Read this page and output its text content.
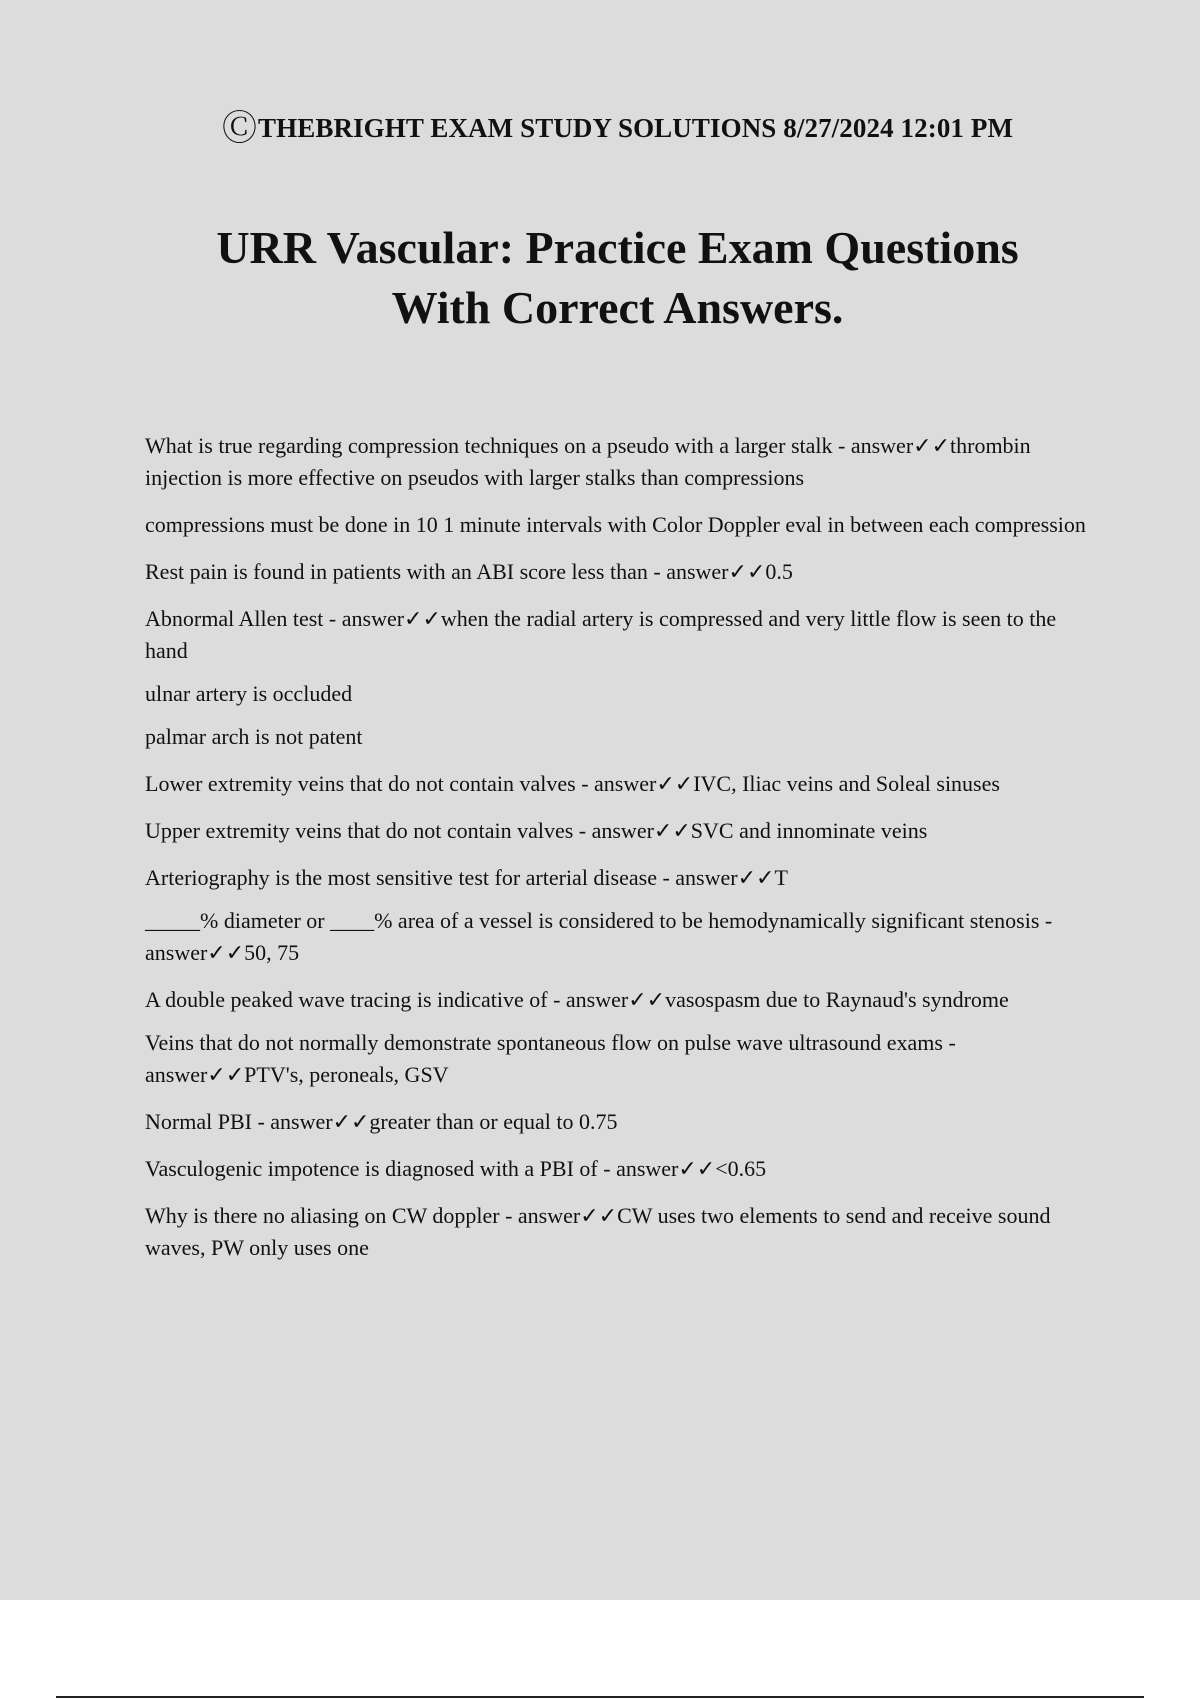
ⒸTHEBRIGHT EXAM STUDY SOLUTIONS 8/27/2024 12:01 PM
URR Vascular: Practice Exam Questions
With Correct Answers.

What is true regarding compression techniques on a pseudo with a larger stalk - answer✓✓thrombin injection is more effective on pseudos with larger stalks than compressions

compressions must be done in 10 1 minute intervals with Color Doppler eval in between each compression

Rest pain is found in patients with an ABI score less than - answer✓✓0.5

Abnormal Allen test - answer✓✓when the radial artery is compressed and very little flow is seen to the hand

ulnar artery is occluded

palmar arch is not patent

Lower extremity veins that do not contain valves - answer✓✓IVC, Iliac veins and Soleal sinuses

Upper extremity veins that do not contain valves - answer✓✓SVC and innominate veins

Arteriography is the most sensitive test for arterial disease - answer✓✓T

_____% diameter or ____% area of a vessel is considered to be hemodynamically significant stenosis - answer✓✓50, 75

A double peaked wave tracing is indicative of - answer✓✓vasospasm due to Raynaud's syndrome

Veins that do not normally demonstrate spontaneous flow on pulse wave ultrasound exams - answer✓✓PTV's, peroneals, GSV

Normal PBI - answer✓✓greater than or equal to 0.75

Vasculogenic impotence is diagnosed with a PBI of - answer✓✓<0.65

Why is there no aliasing on CW doppler - answer✓✓CW uses two elements to send and receive sound waves, PW only uses one
